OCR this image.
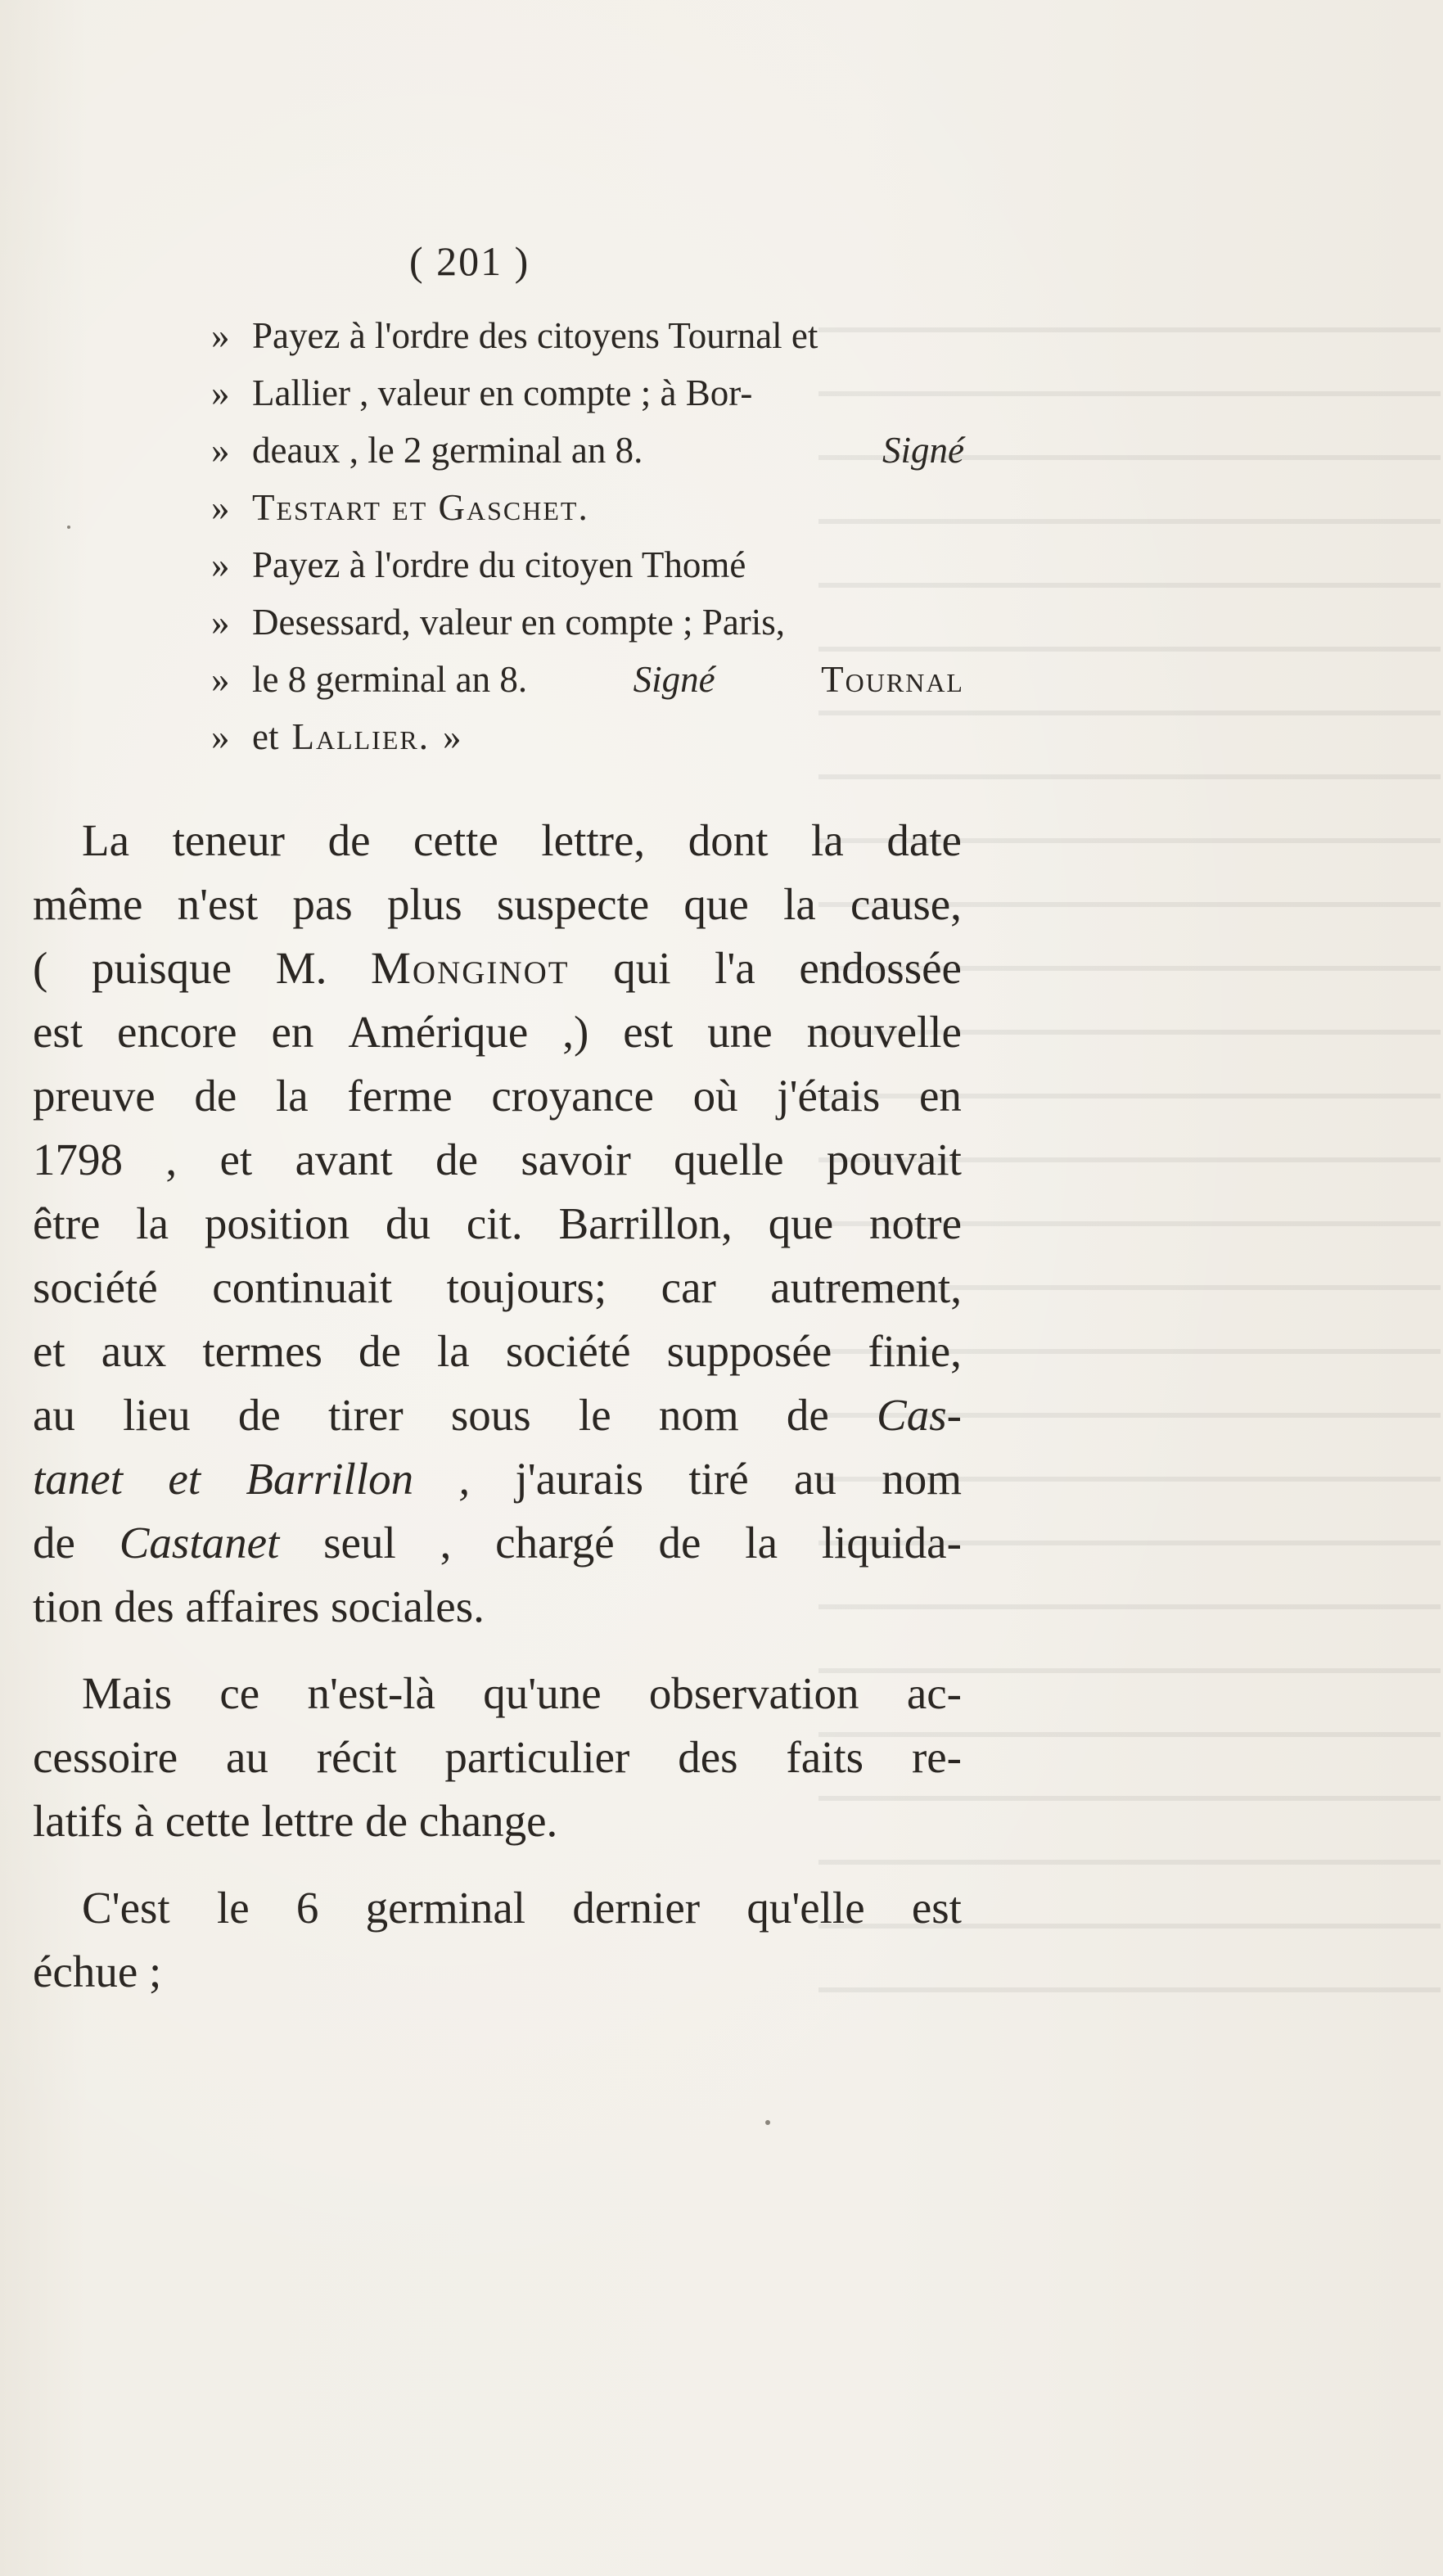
( 201 )
» Payez à l'ordre des citoyens Tournal et
» Lallier , valeur en compte ; à Bor-
» deaux , le 2 germinal an 8.	Signé
» Testart et Gaschet.
» Payez à l'ordre du citoyen Thomé
» Desessard, valeur en compte ; Paris,
» le 8 germinal an 8.	Signé	Tournal
» et Lallier. »
La teneur de cette lettre, dont la date
même n'est pas plus suspecte que la cause,
( puisque M. Monginot qui l'a endossée
est encore en Amérique ,) est une nouvelle
preuve de la ferme croyance où j'étais en
1798 , et avant de savoir quelle pouvait
être la position du cit. Barrillon, que notre
société continuait toujours; car autrement,
et aux termes de la société supposée finie,
au lieu de tirer sous le nom de Cas-
tanet et Barrillon , j'aurais tiré au nom
de Castanet seul , chargé de la liquida-
tion des affaires sociales.
Mais ce n'est-là qu'une observation ac-
cessoire au récit particulier des faits re-
latifs à cette lettre de change.
C'est le 6 germinal dernier qu'elle est
échue ;
